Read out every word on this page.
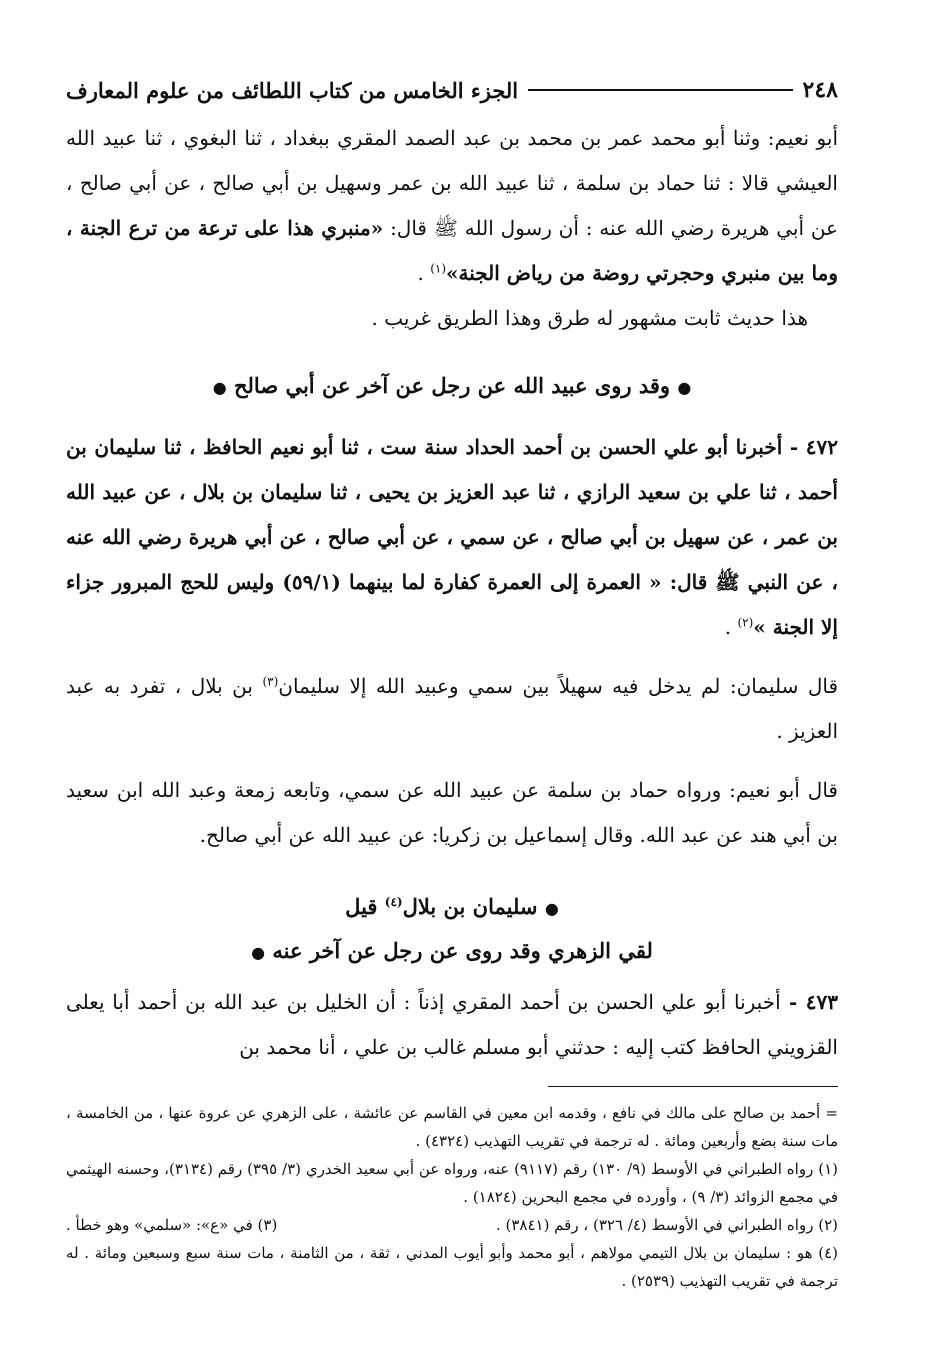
٢٤٨
الجزء الخامس من كتاب اللطائف من علوم المعارف

أبو نعيم: وثنا أبو محمد عمر بن محمد بن عبد الصمد المقري ببغداد ، ثنا البغوي ، ثنا عبيد الله العيشي قالا : ثنا حماد بن سلمة ، ثنا عبيد الله بن عمر وسهيل بن أبي صالح ، عن أبي صالح ، عن أبي هريرة رضي الله عنه : أن رسول الله ﷺ قال: «منبري هذا على ترعة من ترع الجنة ، وما بين منبري وحجرتي روضة من رياض الجنة»$^{(١)}$ .

هذا حديث ثابت مشهور له طرق وهذا الطريق غريب .

● وقد روى عبيد الله عن رجل عن آخر عن أبي صالح ●

٤٧٢ - أخبرنا أبو علي الحسن بن أحمد الحداد سنة ست ، ثنا أبو نعيم الحافظ ، ثنا سليمان بن أحمد ، ثنا علي بن سعيد الرازي ، ثنا عبد العزيز بن يحيى ، ثنا سليمان بن بلال ، عن عبيد الله بن عمر ، عن سهيل بن أبي صالح ، عن سمي ، عن أبي صالح ، عن أبي هريرة رضي الله عنه ، عن النبي ﷺ قال: « العمرة إلى العمرة كفارة لما بينهما (٥٩/١) وليس للحج المبرور جزاء إلا الجنة »$^{(٢)}$ .

قال سليمان: لم يدخل فيه سهيلاً بين سمي وعبيد الله إلا سليمان$^{(٣)}$ بن بلال ، تفرد به عبد العزيز .

قال أبو نعيم: ورواه حماد بن سلمة عن عبيد الله عن سمي، وتابعه زمعة وعبد الله ابن سعيد بن أبي هند عن عبد الله. وقال إسماعيل بن زكريا: عن عبيد الله عن أبي صالح.

● سليمان بن بلال$^{(٤)}$ قيل
لقي الزهري وقد روى عن رجل عن آخر عنه ●

٤٧٣ - أخبرنا أبو علي الحسن بن أحمد المقري إذناً : أن الخليل بن عبد الله بن أحمد أبا يعلى القزويني الحافظ كتب إليه : حدثني أبو مسلم غالب بن علي ، أنا محمد بن

= أحمد بن صالح على مالك في نافع ، وقدمه ابن معين في القاسم عن عائشة ، على الزهري عن عروة عنها ، من الخامسة ، مات سنة بضع وأربعين ومائة . له ترجمة في تقريب التهذيب (٤٣٢٤) .

(١) رواه الطبراني في الأوسط (٩/ ١٣٠) رقم (٩١١٧) عنه، ورواه عن أبي سعيد الخدري (٣/ ٣٩٥) رقم (٣١٣٤)، وحسنه الهيثمي في مجمع الزوائد (٣/ ٩) ، وأورده في مجمع البحرين (١٨٢٤) .

(٢) رواه الطبراني في الأوسط (٤/ ٣٢٦) ، رقم (٣٨٤١) .
(٣) في «ع»: «سلمي» وهو خطأ .

(٤) هو : سليمان بن بلال التيمي مولاهم ، أبو محمد وأبو أيوب المدني ، ثقة ، من الثامنة ، مات سنة سبع وسبعين ومائة . له ترجمة في تقريب التهذيب (٢٥٣٩) .
